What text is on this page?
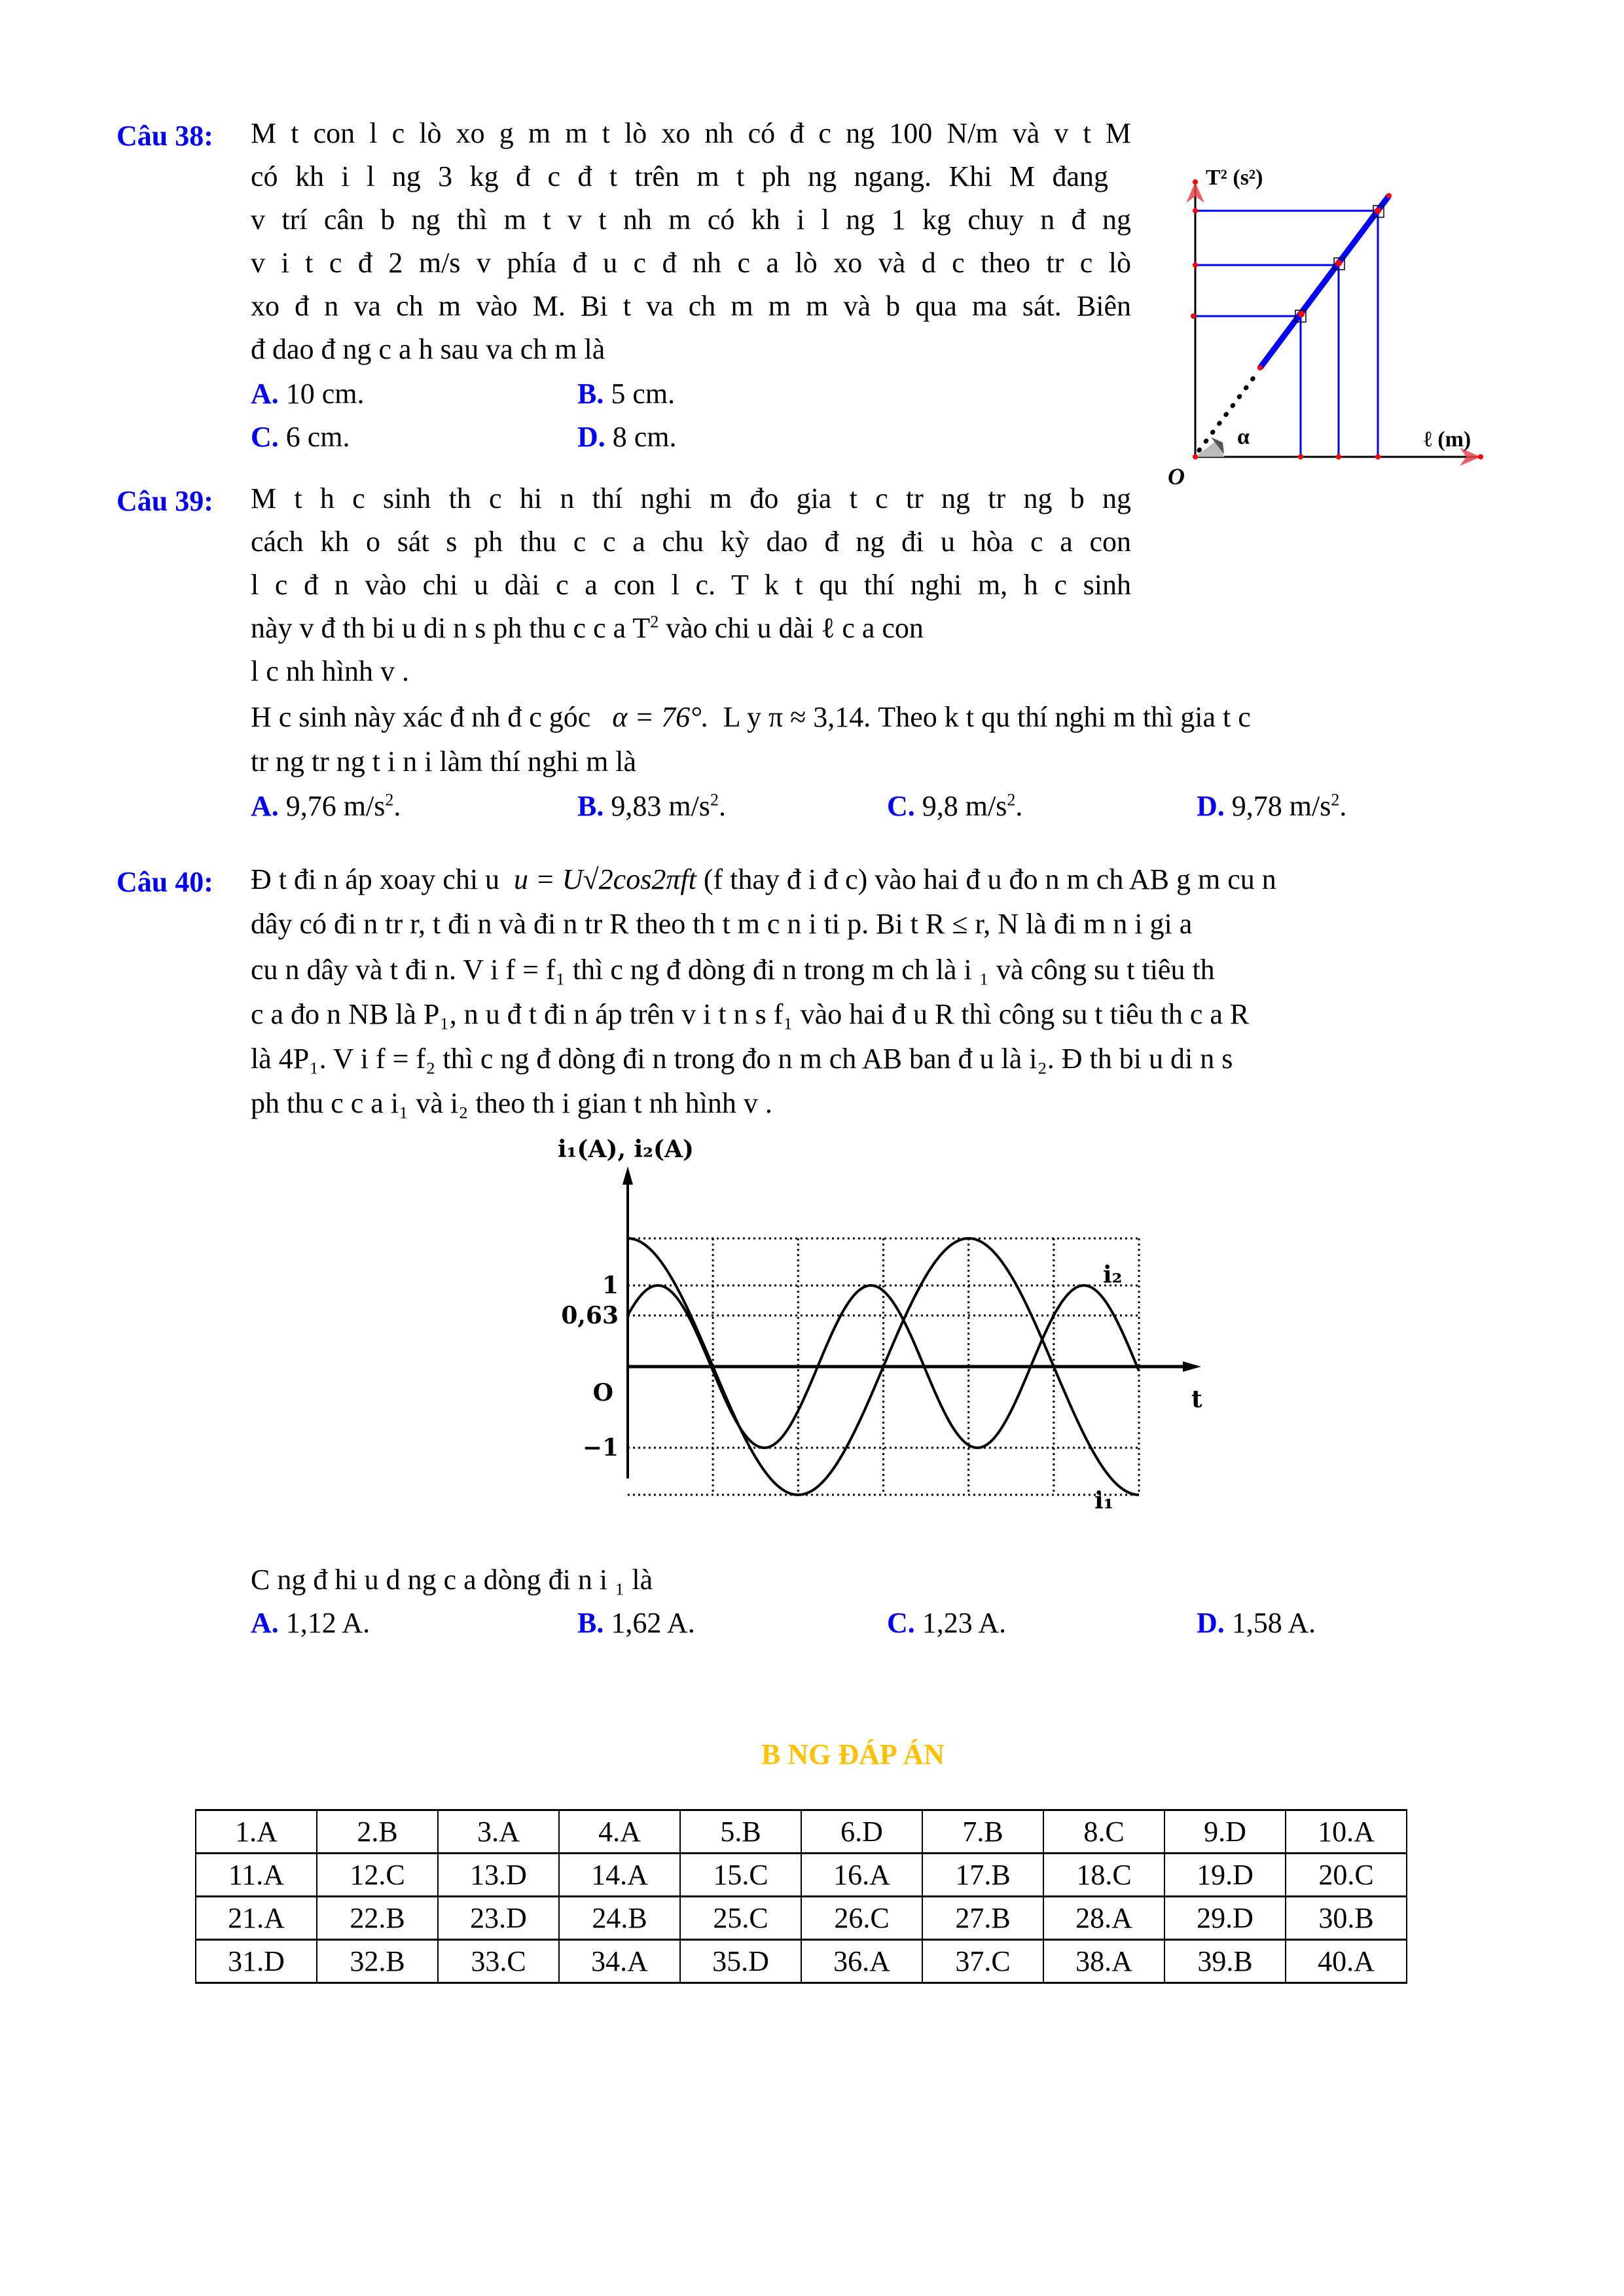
Câu 38: M t con l c lò xo g m m t lò xo nh có đ c ng 100 N/m và v t M
có kh i l ng 3 kg đ c đ t trên m t ph ng ngang. Khi M đang
v trí cân b ng thì m t v t nh m có kh i l ng 1 kg chuy n đ ng
v i t c đ 2 m/s v phía đ u c đ nh c a lò xo và d c theo tr c lò
xo đ n va ch m vào M. Bi t va ch m m m và b qua ma sát. Biên
đ dao đ ng c a h sau va ch m là
A. 10 cm.	B. 5 cm.
C. 6 cm.	D. 8 cm.
T² (s²)
ℓ (m)
O
α
Câu 39: M t h c sinh th c hi n thí nghi m đo gia t c tr ng tr ng b ng
cách kh o sát s ph thu c c a chu kỳ dao đ ng đi u hòa c a con
l c đ n vào chi u dài c a con l c. T k t qu thí nghi m, h c sinh
này v đ th bi u di n s ph thu c c a $T^2$ vào chi u dài ℓ c a con
l c nh hình v .
H c sinh này xác đ nh đ c góc α = 76°. L y π ≈ 3,14. Theo k t qu thí nghi m thì gia t c
tr ng tr ng t i n i làm thí nghi m là
A. 9,76 $m/s^2$.	B. 9,83 $m/s^2$.	C. 9,8 $m/s^2$.	D. 9,78 $m/s^2$.
Câu 40: Đ t đi n áp xoay chi u u = U√2cos2πft (f thay đ i đ c) vào hai đ u đo n m ch AB g m cu n
dây có đi n tr r, t đi n và đi n tr R theo th t m c n i ti p. Bi t R ≤ r, N là đi m n i gi a
cu n dây và t đi n. V i f = f₁ thì c ng đ dòng đi n trong m ch là i ₁ và công su t tiêu th
c a đo n NB là P₁, n u đ t đi n áp trên v i t n s f₁ vào hai đ u R thì công su t tiêu th c a R
là 4P₁. V i f = f₂ thì c ng đ dòng đi n trong đo n m ch AB ban đ u là i₂. Đ th bi u di n s
ph thu c c a i₁ và i₂ theo th i gian t nh hình v .
i₁(A), i₂(A)
1
0,63
−1
O	t
i₂
i₁
C ng đ hi u d ng c a dòng đi n i ₁ là
A. 1,12 A.	B. 1,62 A.	C. 1,23 A.	D. 1,58 A.
B NG ĐÁP ÁN
1.A	2.B	3.A	4.A	5.B	6.D	7.B	8.C	9.D	10.A
11.A	12.C	13.D	14.A	15.C	16.A	17.B	18.C	19.D	20.C
21.A	22.B	23.D	24.B	25.C	26.C	27.B	28.A	29.D	30.B
31.D	32.B	33.C	34.A	35.D	36.A	37.C	38.A	39.B	40.A
